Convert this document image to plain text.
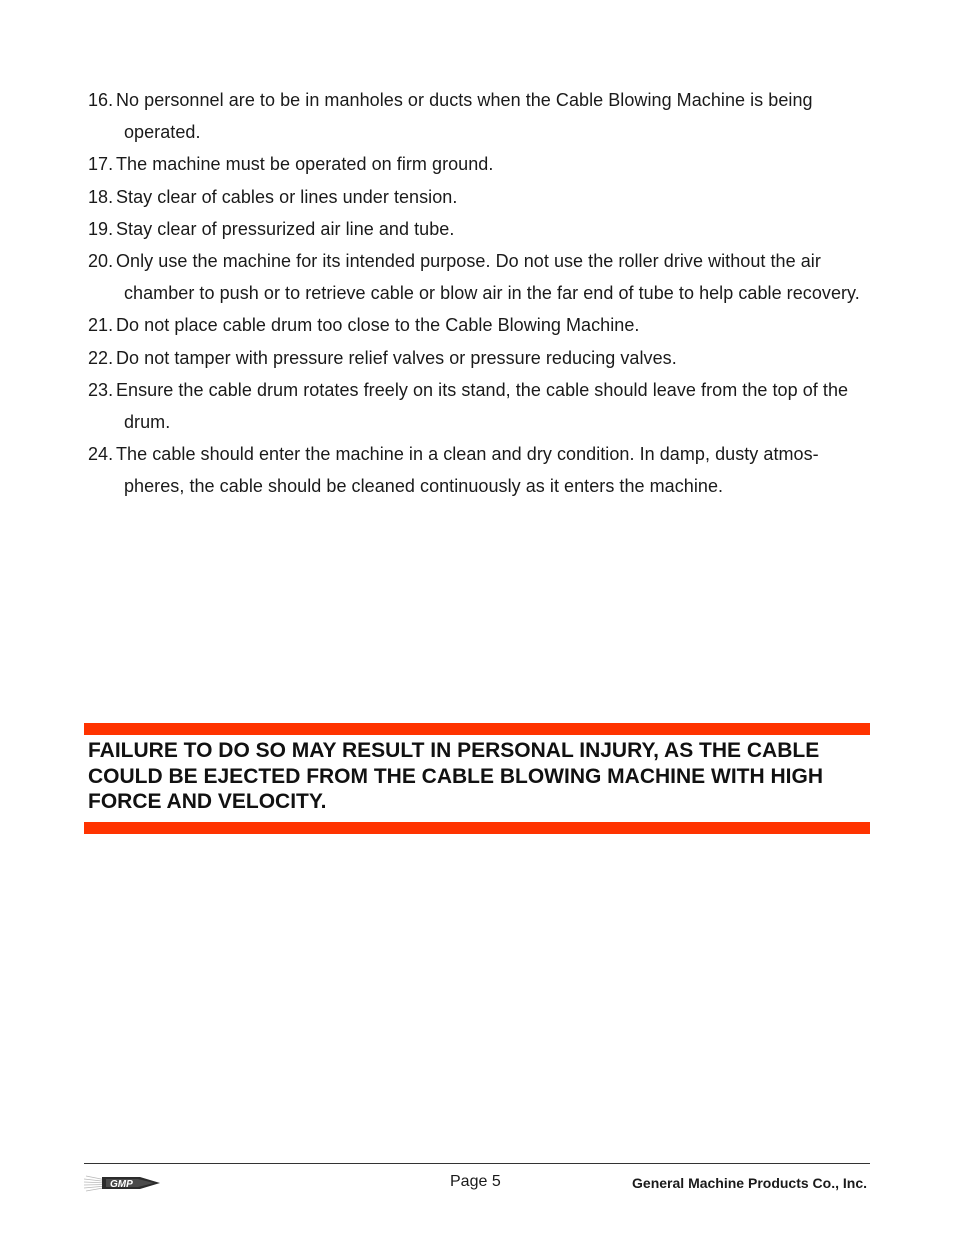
16. No personnel are to be in manholes or ducts when the Cable Blowing Machine is being operated.
17. The machine must be operated on firm ground.
18. Stay clear of cables or lines under tension.
19. Stay clear of pressurized air line and tube.
20. Only use the machine for its intended purpose. Do not use the roller drive without the air chamber to push or to retrieve cable or blow air in the far end of tube to help cable recovery.
21. Do not place cable drum too close to the Cable Blowing Machine.
22. Do not tamper with pressure relief valves or pressure reducing valves.
23. Ensure the cable drum rotates freely on its stand, the cable should leave from the top of the drum.
24. The cable should enter the machine in a clean and dry condition. In damp, dusty atmos-pheres, the cable should be cleaned continuously as it enters the machine.
FAILURE TO DO SO MAY RESULT IN PERSONAL INJURY, AS THE CABLE COULD BE EJECTED FROM THE CABLE BLOWING MACHINE WITH HIGH FORCE AND VELOCITY.
GMP	Page 5	General Machine Products Co., Inc.
